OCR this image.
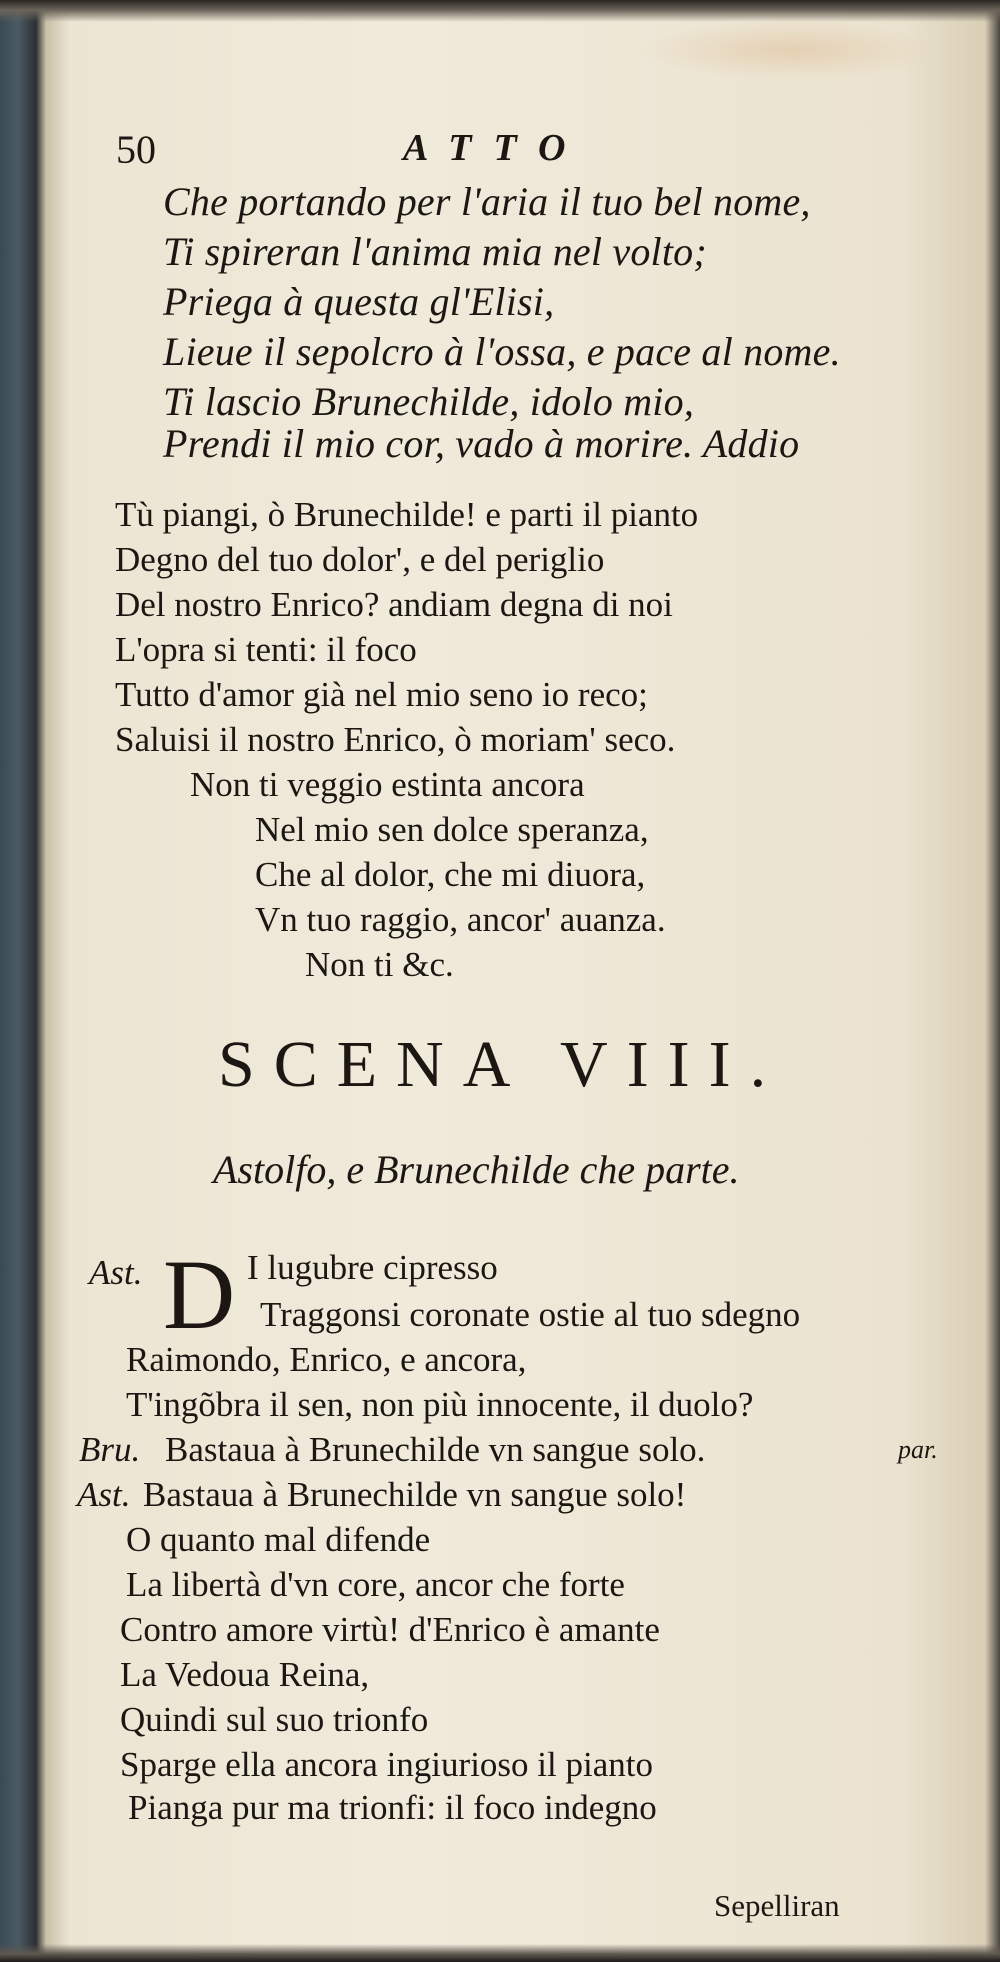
50	ATTO
Che portando per l'aria il tuo bel nome,
Ti spireran l'anima mia nel volto;
Priega à questa gl'Elisi,
Lieue il sepolcro à l'ossa, e pace al nome.
Ti lascio Brunechilde, idolo mio,
Prendi il mio cor, vado à morire. Addio
Tù piangi, ò Brunechilde! e parti il pianto
Degno del tuo dolor', e del periglio
Del nostro Enrico? andiam degna di noi
L'opra si tenti: il foco
Tutto d'amor già nel mio seno io reco;
Saluisi il nostro Enrico, ò moriam' seco.
Non ti veggio estinta ancora
Nel mio sen dolce speranza,
Che al dolor, che mi diuora,
Vn tuo raggio, ancor' auanza.
Non ti &c.
SCENA VIII.
Astolfo, e Brunechilde che parte.
Ast. D I lugubre cipresso
Traggonsi coronate ostie al tuo sdegno
Raimondo, Enrico, e ancora,
T'ingõbra il sen, non più innocente, il duolo?
Bru. Bastaua à Brunechilde vn sangue solo.	par.
Ast. Bastaua à Brunechilde vn sangue solo!
O quanto mal difende
La libertà d'vn core, ancor che forte
Contro amore virtù! d'Enrico è amante
La Vedoua Reina,
Quindi sul suo trionfo
Sparge ella ancora ingiurioso il pianto
Pianga pur ma trionfi: il foco indegno
Sepelliran
